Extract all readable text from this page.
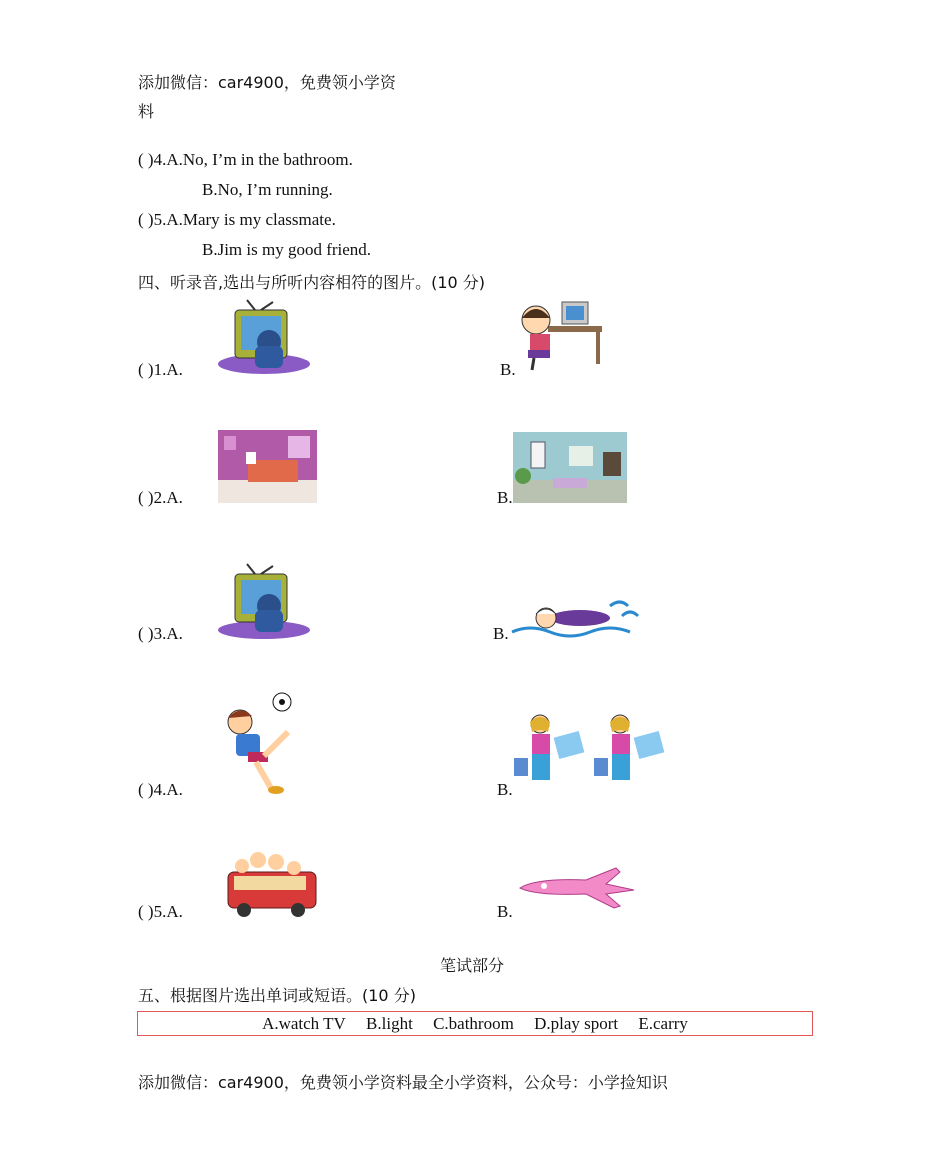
添加微信：car4900，免费领小学资
料
( )4.A.No, I’m in the bathroom.
B.No, I’m running.
( )5.A.Mary is my classmate.
B.Jim is my good friend.
四、听录音,选出与所听内容相符的图片。(10 分)
( )1.A.	B.
( )2.A.	B.
( )3.A.	B.
( )4.A.	B.
( )5.A.	B.
笔试部分
五、根据图片选出单词或短语。(10 分)
A.watch TV B.light C.bathroom D.play sport E.carry
添加微信：car4900，免费领小学资料最全小学资料，公众号：小学捡知识
